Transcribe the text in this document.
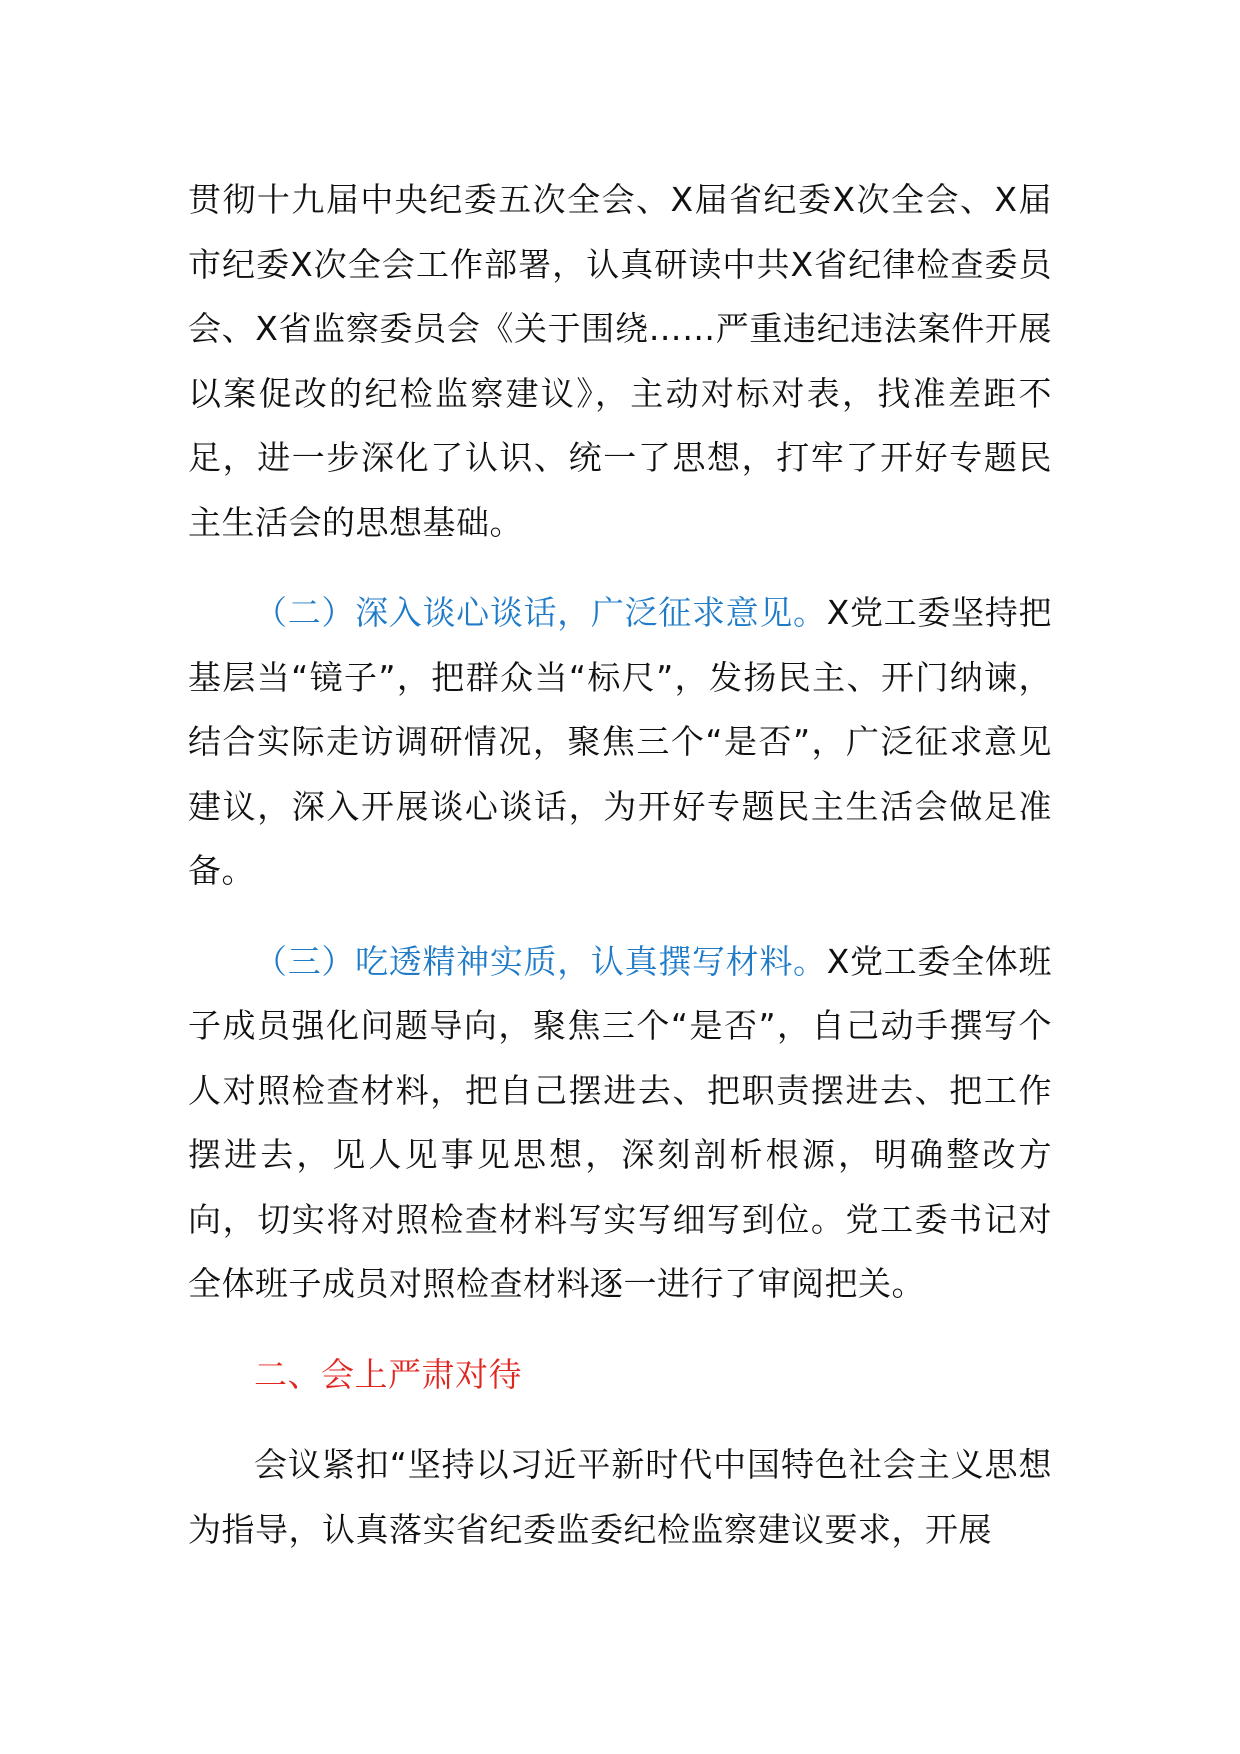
贯彻十九届中央纪委五次全会、X届省纪委X次全会、X届市纪委X次全会工作部署，认真研读中共X省纪律检查委员会、X省监察委员会《关于围绕……严重违纪违法案件开展以案促改的纪检监察建议》，主动对标对表，找准差距不足，进一步深化了认识、统一了思想，打牢了开好专题民主生活会的思想基础。

（二）深入谈心谈话，广泛征求意见。X党工委坚持把基层当“镜子”，把群众当“标尺”，发扬民主、开门纳谏，结合实际走访调研情况，聚焦三个“是否”，广泛征求意见建议，深入开展谈心谈话，为开好专题民主生活会做足准备。

（三）吃透精神实质，认真撰写材料。X党工委全体班子成员强化问题导向，聚焦三个“是否”，自己动手撰写个人对照检查材料，把自己摆进去、把职责摆进去、把工作摆进去，见人见事见思想，深刻剖析根源，明确整改方向，切实将对照检查材料写实写细写到位。党工委书记对全体班子成员对照检查材料逐一进行了审阅把关。

二、会上严肃对待

会议紧扣“坚持以习近平新时代中国特色社会主义思想为指导，认真落实省纪委监委纪检监察建议要求，开展
